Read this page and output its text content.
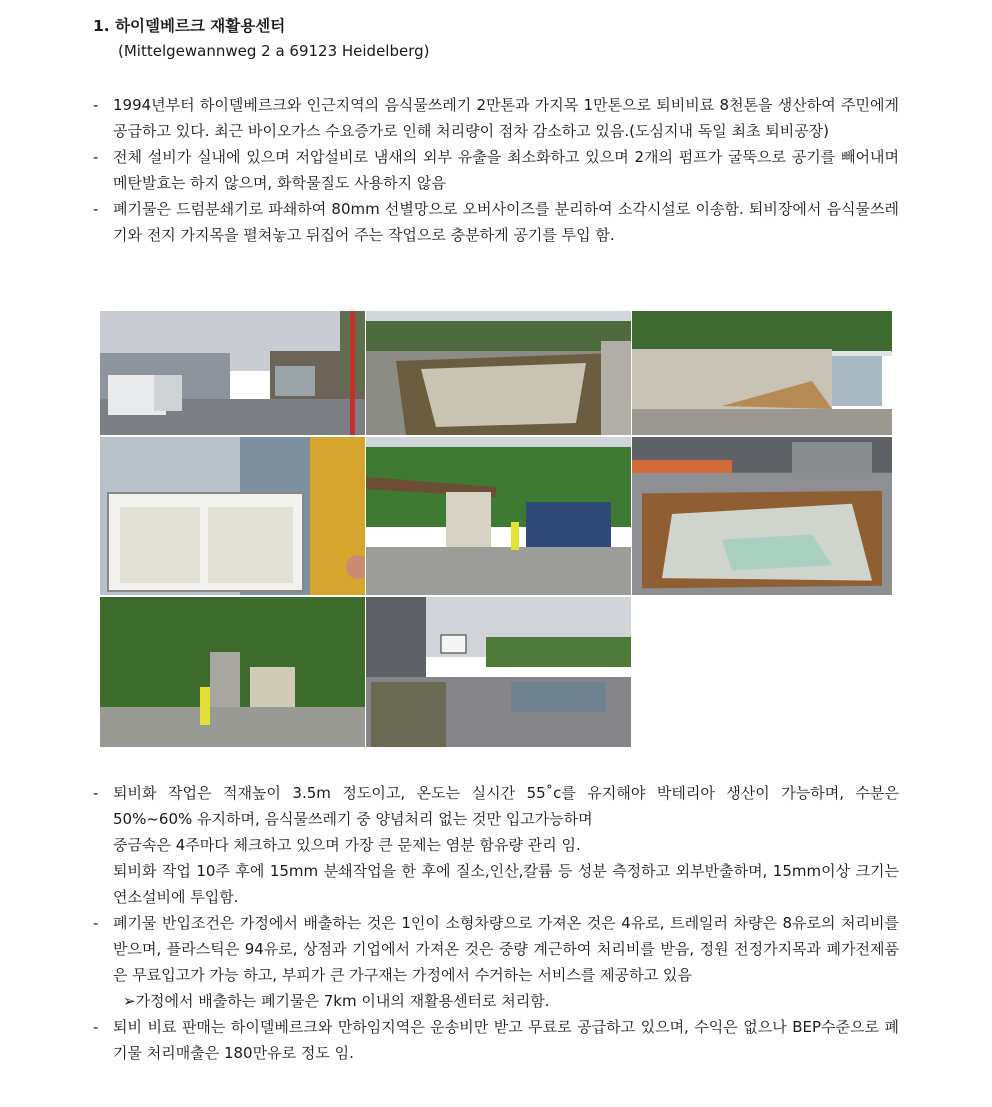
1. 하이델베르크 재활용센터
(Mittelgewannweg 2 a 69123 Heidelberg)
- 1994년부터 하이델베르크와 인근지역의 음식물쓰레기 2만톤과 가지목 1만톤으로 퇴비비료 8천톤을 생산하여 주민에게 공급하고 있다. 최근 바이오가스 수요증가로 인해 처리량이 점차 감소하고 있음.(도심지내 독일 최초 퇴비공장)
- 전체 설비가 실내에 있으며 저압설비로 냄새의 외부 유출을 최소화하고 있으며 2개의 펌프가 굴뚝으로 공기를 빼어내며 메탄발효는 하지 않으며, 화학물질도 사용하지 않음
- 폐기물은 드럼분쇄기로 파쇄하여 80mm 선별망으로 오버사이즈를 분리하여 소각시설로 이송함. 퇴비장에서 음식물쓰레기와 전지 가지목을 펼쳐놓고 뒤집어 주는 작업으로 충분하게 공기를 투입 함.
- 퇴비화 작업은 적재높이 3.5m 정도이고, 온도는 실시간 55˚c를 유지해야 박테리아 생산이 가능하며, 수분은 50%~60% 유지하며, 음식물쓰레기 중 양념처리 없는 것만 입고가능하며
중금속은 4주마다 체크하고 있으며 가장 큰 문제는 염분 함유량 관리 임.
퇴비화 작업 10주 후에 15mm 분쇄작업을 한 후에 질소,인산,칼륨 등 성분 측정하고 외부반출하며, 15mm이상 크기는 연소설비에 투입함.
- 폐기물 반입조건은 가정에서 배출하는 것은 1인이 소형차량으로 가져온 것은 4유로, 트레일러 차량은 8유로의 처리비를 받으며, 플라스틱은 94유로, 상점과 기업에서 가져온 것은 중량 계근하여 처리비를 받음, 정원 전정가지목과 폐가전제품은 무료입고가 가능 하고, 부피가 큰 가구재는 가정에서 수거하는 서비스를 제공하고 있음
➢가정에서 배출하는 폐기물은 7km 이내의 재활용센터로 처리함.
- 퇴비 비료 판매는 하이델베르크와 만하임지역은 운송비만 받고 무료로 공급하고 있으며, 수익은 없으나 BEP수준으로 폐기물 처리매출은 180만유로 정도 임.
